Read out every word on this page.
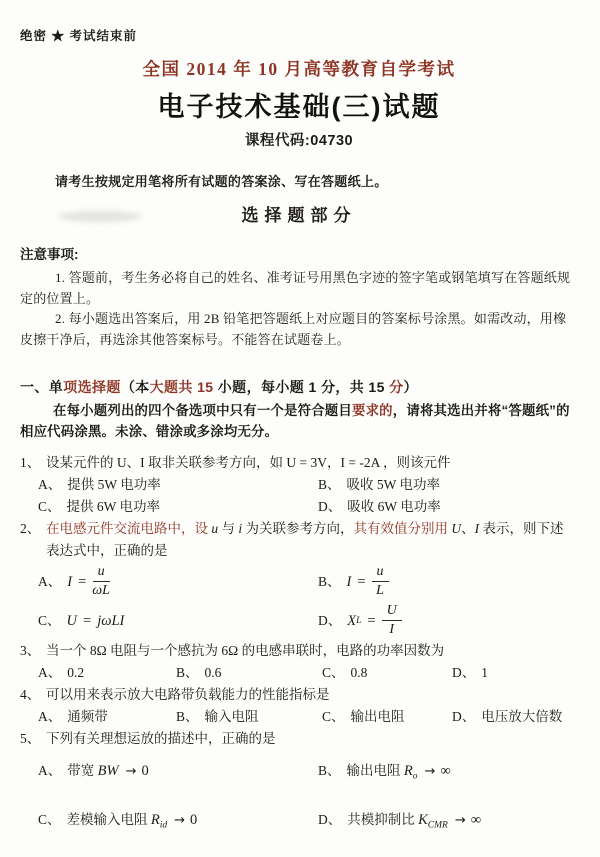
绝密 ★ 考试结束前
全国 2014 年 10 月高等教育自学考试
电子技术基础(三)试题
课程代码:04730
请考生按规定用笔将所有试题的答案涂、写在答题纸上。
选择题部分
注意事项:

1. 答题前，考生务必将自己的姓名、准考证号用黑色字迹的签字笔或钢笔填写在答题纸规定的位置上。

2. 每小题选出答案后，用 2B 铅笔把答题纸上对应题目的答案标号涂黑。如需改动，用橡皮擦干净后，再选涂其他答案标号。不能答在试题卷上。

一、单项选择题（本大题共 15 小题，每小题 1 分，共 15 分）

在每小题列出的四个备选项中只有一个是符合题目要求的，请将其选出并将“答题纸”的相应代码涂黑。未涂、错涂或多涂均无分。

1、 设某元件的 U、I 取非关联参考方向，如 U = 3V，I = -2A ，则该元件
A、 提供 5W 电功率	B、 吸收 5W 电功率
C、 提供 6W 电功率	D、 吸收 6W 电功率
2、 在电感元件交流电路中，设 u 与 i 为关联参考方向，其有效值分别用 U、I 表示，则下述表达式中，正确的是
A、 $I = \frac{u}{\omega L}$	B、 $I = \frac{u}{L}$
C、 U = jωLI	D、 X $L = \frac{U}{I}$
3、 当一个 8Ω 电阻与一个感抗为 6Ω 的电感串联时，电路的功率因数为
A、 0.2	B、 0.6	C、 0.8	D、 1
4、 可以用来表示放大电路带负载能力的性能指标是
A、 通频带	B、 输入电阻	C、 输出电阻	D、 电压放大倍数
5、 下列有关理想运放的描述中，正确的是
A、 带宽 BW → 0	B、 输出电阻 $R_o$ → ∞
C、 差模输入电阻 $R_{id} \to 0$	D、 共模抑制比 $K_{CMR}$ → ∞
